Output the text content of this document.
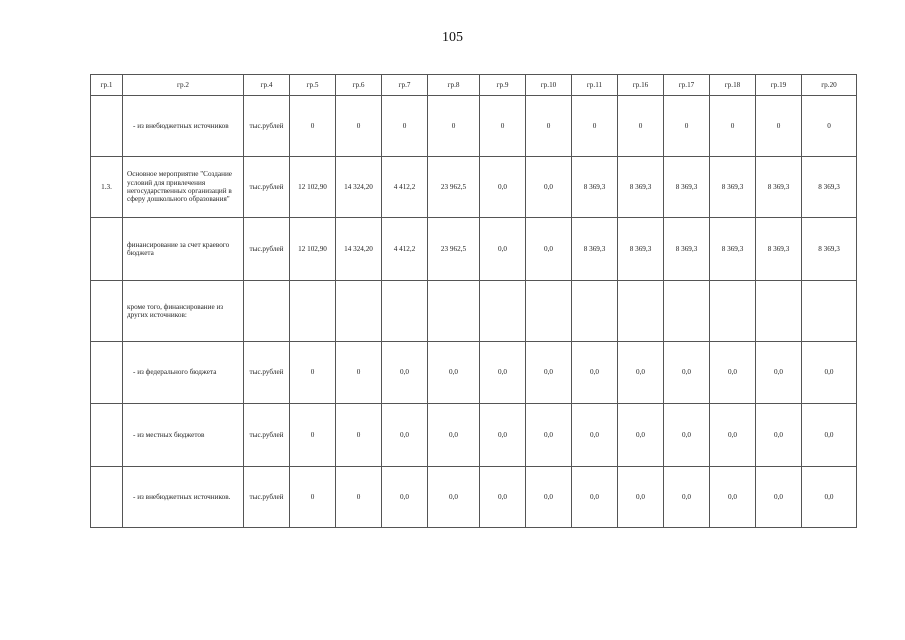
105
гр.1	гр.2	гр.4	гр.5	гр.6	гр.7	гр.8	гр.9	гр.10	гр.11	гр.16	гр.17	гр.18	гр.19	гр.20
	- из внебюджетных источников	тыс.рублей	0	0	0	0	0	0	0	0	0	0	0	0
1.3.	Основное мероприятие "Создание условий для привлечения негосударственных организаций в сферу дошкольного образования"	тыс.рублей	12 102,90	14 324,20	4 412,2	23 962,5	0,0	0,0	8 369,3	8 369,3	8 369,3	8 369,3	8 369,3	8 369,3
	финансирование за счет краевого бюджета	тыс.рублей	12 102,90	14 324,20	4 412,2	23 962,5	0,0	0,0	8 369,3	8 369,3	8 369,3	8 369,3	8 369,3	8 369,3
	кроме того, финансирование из других источников:													
	- из федерального бюджета	тыс.рублей	0	0	0,0	0,0	0,0	0,0	0,0	0,0	0,0	0,0	0,0	0,0
	- из местных бюджетов	тыс.рублей	0	0	0,0	0,0	0,0	0,0	0,0	0,0	0,0	0,0	0,0	0,0
	- из внебюджетных источников.	тыс.рублей	0	0	0,0	0,0	0,0	0,0	0,0	0,0	0,0	0,0	0,0	0,0
